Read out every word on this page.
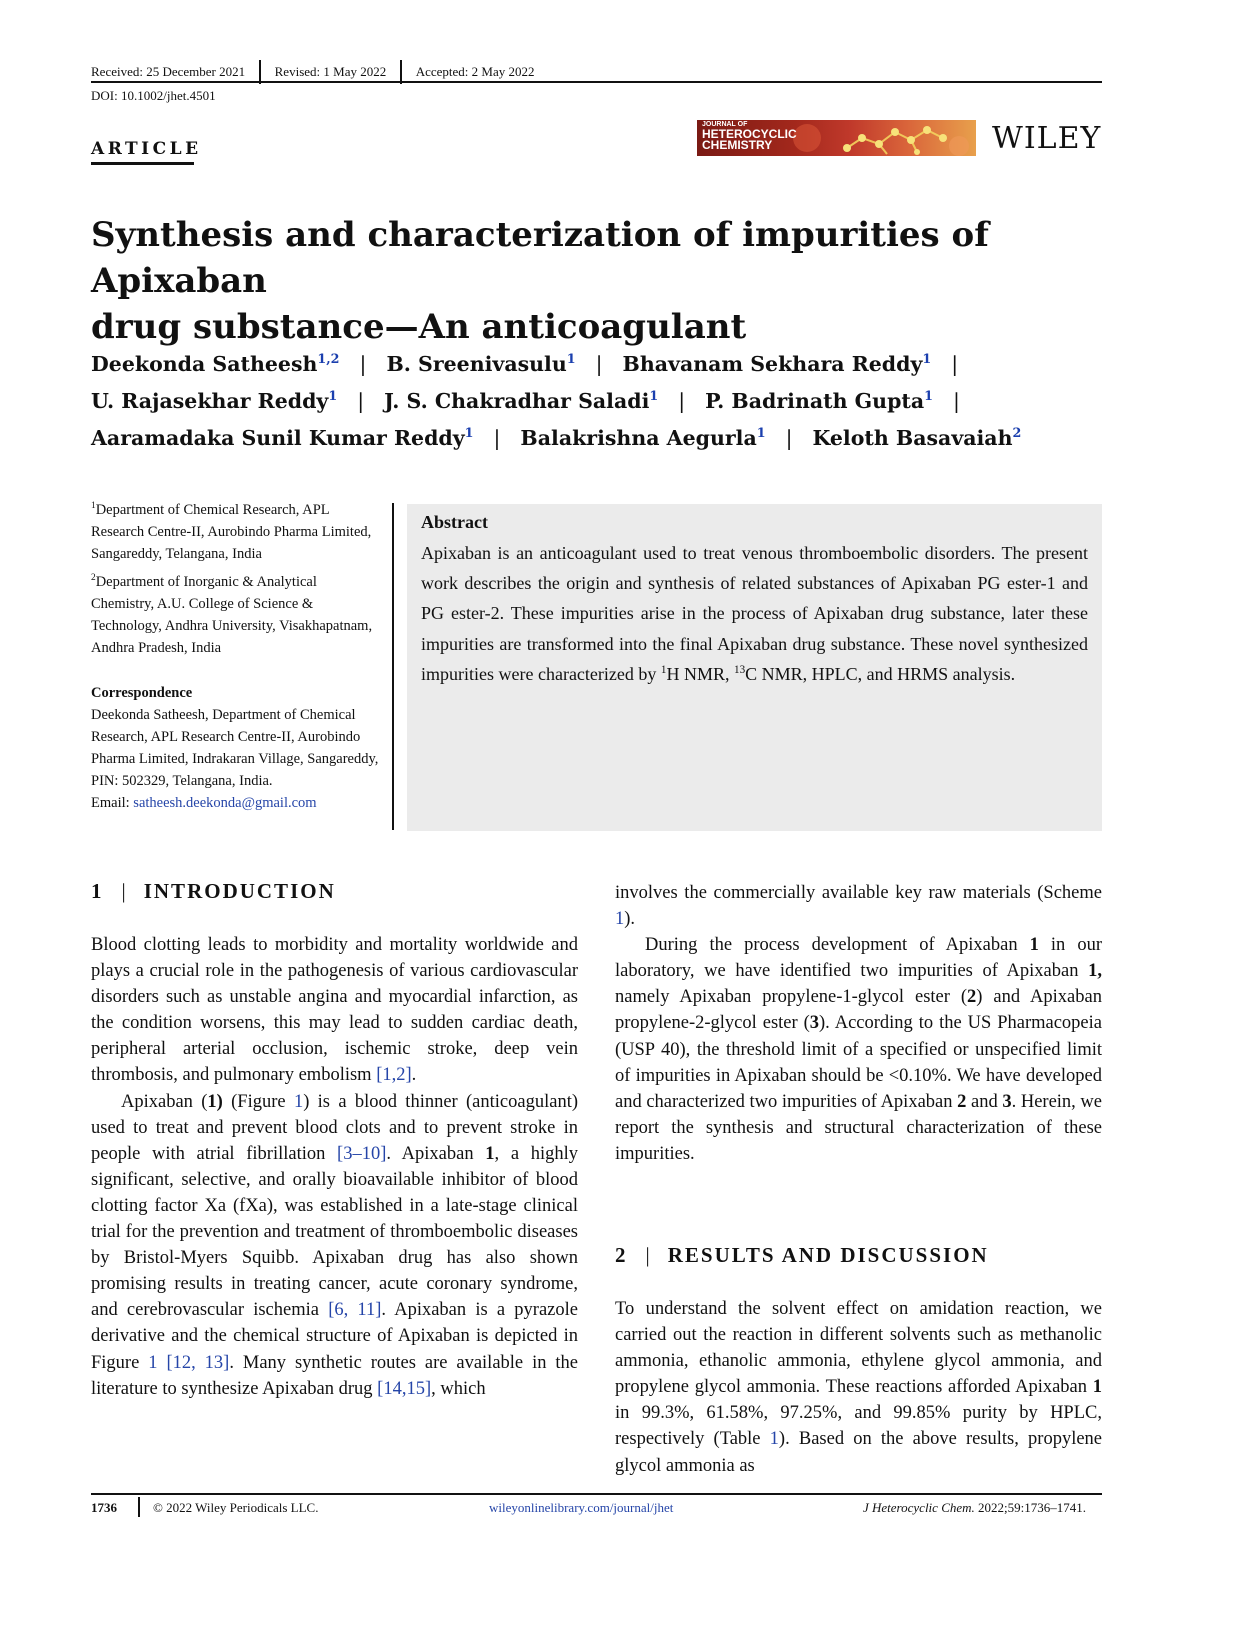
Received: 25 December 2021	Revised: 1 May 2022	Accepted: 2 May 2022
DOI: 10.1002/jhet.4501
ARTICLE
JOURNAL OF
HETEROCYCLIC
CHEMISTRY	WILEY
Synthesis and characterization of impurities of Apixaban
drug substance—An anticoagulant
Deekonda Satheesh$^{1,2}$ | B. Sreenivasulu$^1$ | Bhavanam Sekhara Reddy$^1$ |
U. Rajasekhar Reddy$^1$ | J. S. Chakradhar Saladi$^1$ | P. Badrinath Gupta$^1$ |
Aaramadaka Sunil Kumar Reddy$^1$ | Balakrishna Aegurla$^1$ | Keloth Basavaiah$^2$
$^1$Department of Chemical Research, APL Research Centre-II, Aurobindo Pharma Limited, Sangareddy, Telangana, India
$^2$Department of Inorganic & Analytical Chemistry, A.U. College of Science & Technology, Andhra University, Visakhapatnam, Andhra Pradesh, India
Correspondence
Deekonda Satheesh, Department of Chemical Research, APL Research Centre-II, Aurobindo Pharma Limited, Indrakaran Village, Sangareddy, PIN: 502329, Telangana, India.
Email: satheesh.deekonda@gmail.com
Abstract
Apixaban is an anticoagulant used to treat venous thromboembolic disorders. The present work describes the origin and synthesis of related substances of Apixaban PG ester-1 and PG ester-2. These impurities arise in the process of Apixaban drug substance, later these impurities are transformed into the final Apixaban drug substance. These novel synthesized impurities were characterized by $^1$H NMR, $^{13}$C NMR, HPLC, and HRMS analysis.
1 | INTRODUCTION

Blood clotting leads to morbidity and mortality worldwide and plays a crucial role in the pathogenesis of various cardiovascular disorders such as unstable angina and myocardial infarction, as the condition worsens, this may lead to sudden cardiac death, peripheral arterial occlusion, ischemic stroke, deep vein thrombosis, and pulmonary embolism [1,2].

Apixaban (1) (Figure 1) is a blood thinner (anticoagulant) used to treat and prevent blood clots and to prevent stroke in people with atrial fibrillation [3–10]. Apixaban 1, a highly significant, selective, and orally bioavailable inhibitor of blood clotting factor Xa (fXa), was established in a late-stage clinical trial for the prevention and treatment of thromboembolic diseases by Bristol-Myers Squibb. Apixaban drug has also shown promising results in treating cancer, acute coronary syndrome, and cerebrovascular ischemia [6, 11]. Apixaban is a pyrazole derivative and the chemical structure of Apixaban is depicted in Figure 1 [12, 13]. Many synthetic routes are available in the literature to synthesize Apixaban drug [14,15], which

involves the commercially available key raw materials (Scheme 1).

During the process development of Apixaban 1 in our laboratory, we have identified two impurities of Apixaban 1, namely Apixaban propylene-1-glycol ester (2) and Apixaban propylene-2-glycol ester (3). According to the US Pharmacopeia (USP 40), the threshold limit of a specified or unspecified limit of impurities in Apixaban should be <0.10%. We have developed and characterized two impurities of Apixaban 2 and 3. Herein, we report the synthesis and structural characterization of these impurities.

2 | RESULTS AND DISCUSSION

To understand the solvent effect on amidation reaction, we carried out the reaction in different solvents such as methanolic ammonia, ethanolic ammonia, ethylene glycol ammonia, and propylene glycol ammonia. These reactions afforded Apixaban 1 in 99.3%, 61.58%, 97.25%, and 99.85% purity by HPLC, respectively (Table 1). Based on the above results, propylene glycol ammonia as

1736	© 2022 Wiley Periodicals LLC.	wileyonlinelibrary.com/journal/jhet	J Heterocyclic Chem. 2022;59:1736–1741.
